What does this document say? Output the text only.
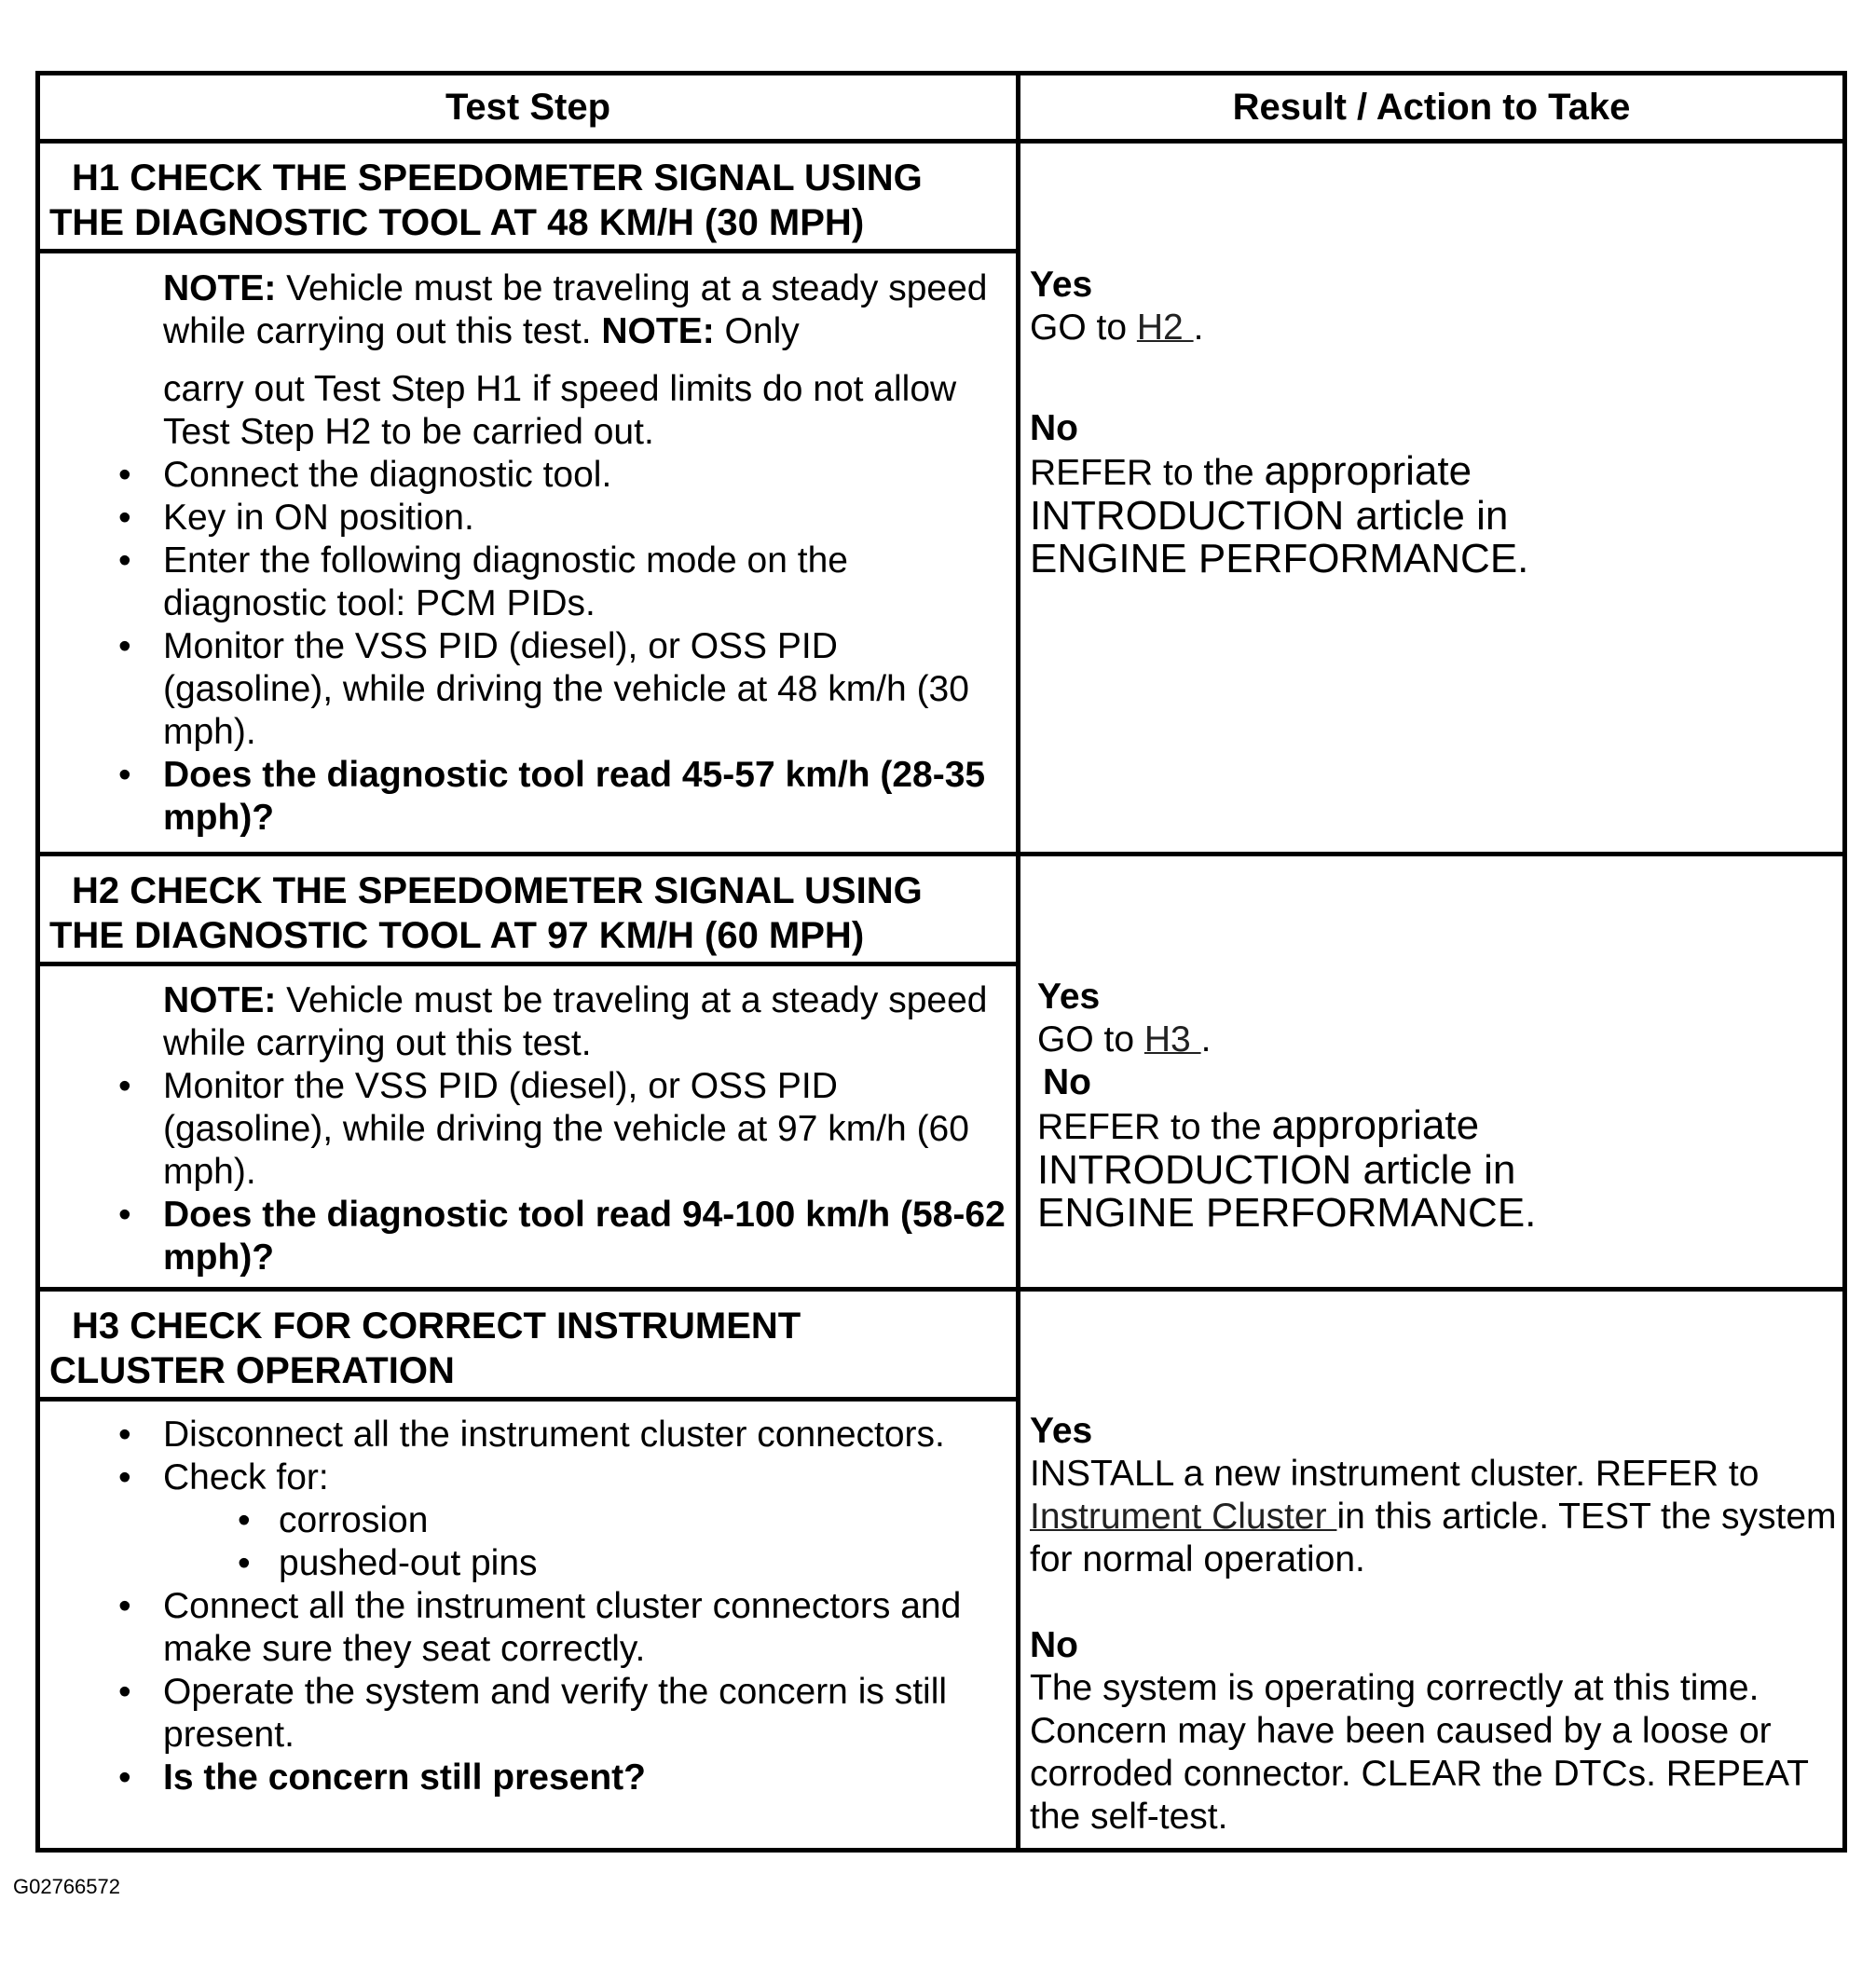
Test Step	Result / Action to Take
H1 CHECK THE SPEEDOMETER SIGNAL USING
THE DIAGNOSTIC TOOL AT 48 KM/H (30 MPH)
NOTE: Vehicle must be traveling at a steady speed while carrying out this test. NOTE: Only
carry out Test Step H1 if speed limits do not allow Test Step H2 to be carried out.
• Connect the diagnostic tool.
• Key in ON position.
• Enter the following diagnostic mode on the diagnostic tool: PCM PIDs.
• Monitor the VSS PID (diesel), or OSS PID (gasoline), while driving the vehicle at 48 km/h (30 mph).
• Does the diagnostic tool read 45-57 km/h (28-35 mph)?
Yes
GO to H2 .
No
REFER to the appropriate
INTRODUCTION article in
ENGINE PERFORMANCE.
H2 CHECK THE SPEEDOMETER SIGNAL USING
THE DIAGNOSTIC TOOL AT 97 KM/H (60 MPH)
NOTE: Vehicle must be traveling at a steady speed while carrying out this test.
• Monitor the VSS PID (diesel), or OSS PID (gasoline), while driving the vehicle at 97 km/h (60 mph).
• Does the diagnostic tool read 94-100 km/h (58-62 mph)?
Yes
GO to H3 .
No
REFER to the appropriate
INTRODUCTION article in
ENGINE PERFORMANCE.
H3 CHECK FOR CORRECT INSTRUMENT
CLUSTER OPERATION
• Disconnect all the instrument cluster connectors.
• Check for:
• corrosion
• pushed-out pins
• Connect all the instrument cluster connectors and make sure they seat correctly.
• Operate the system and verify the concern is still present.
• Is the concern still present?
Yes
INSTALL a new instrument cluster. REFER to
Instrument Cluster in this article. TEST the system for normal operation.
No
The system is operating correctly at this time. Concern may have been caused by a loose or corroded connector. CLEAR the DTCs. REPEAT the self-test.
G02766572
